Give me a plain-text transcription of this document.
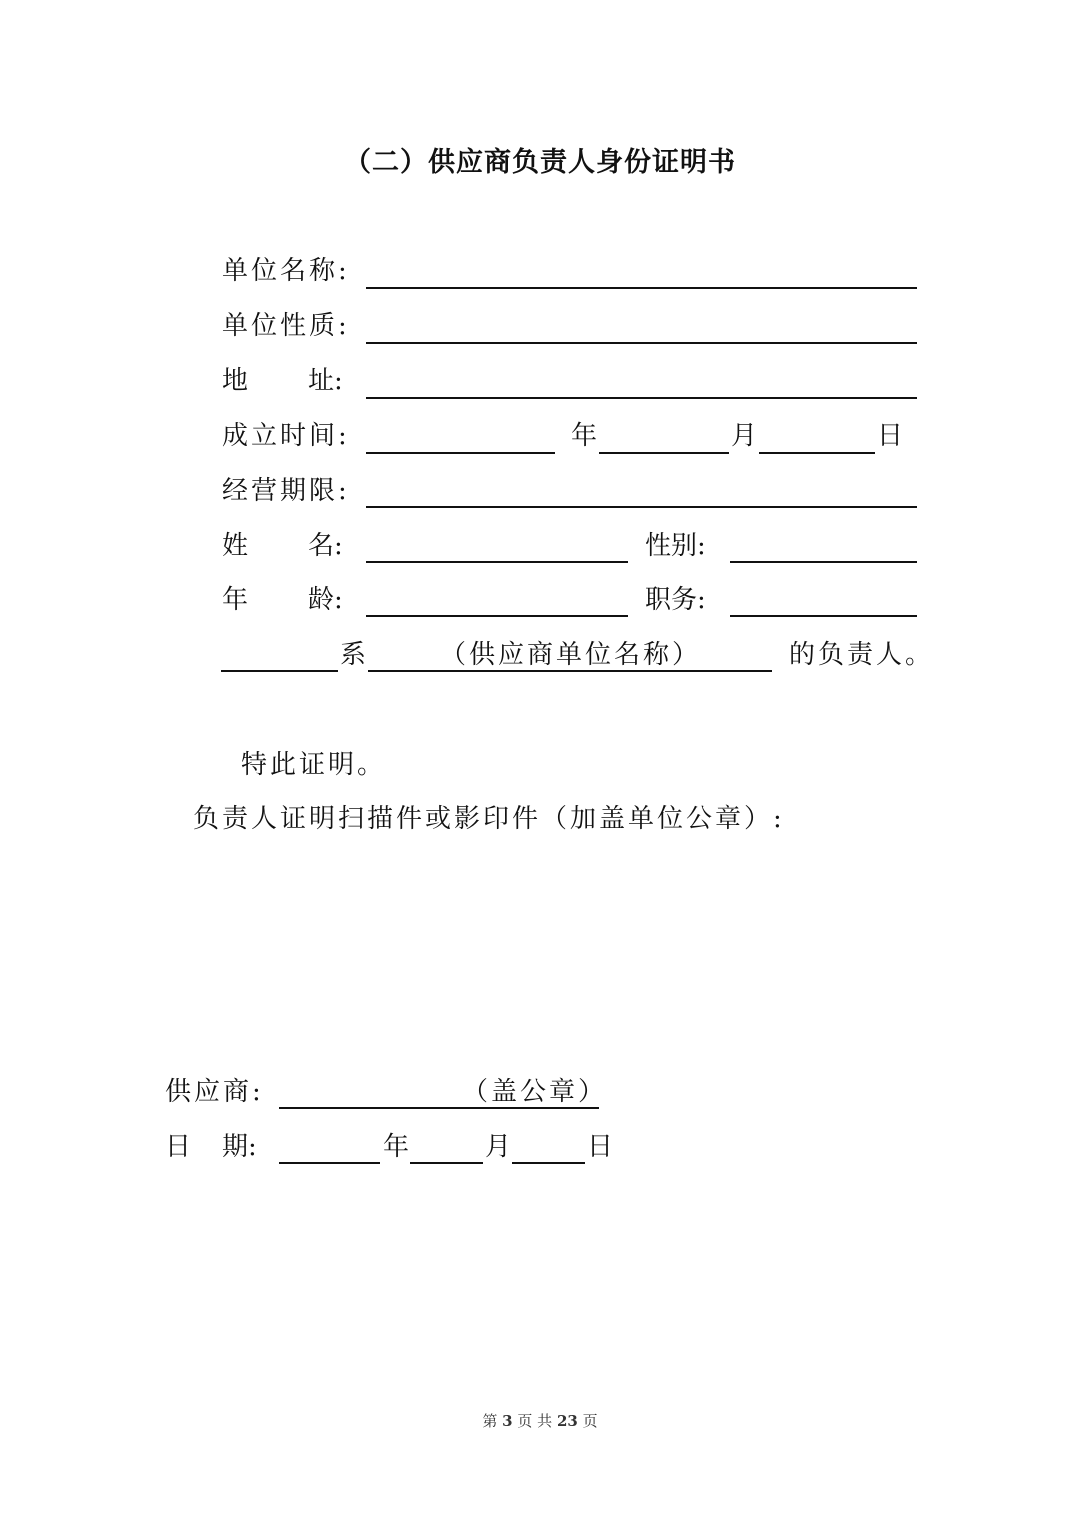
（二）供应商负责人身份证明书
单位名称:
单位性质:
地 址:
成立时间:	年	月	日
经营期限:
姓 名:	性别:
年 龄:	职务:
系	（供应商单位名称）	的负责人。
特此证明。
负责人证明扫描件或影印件（加盖单位公章）:
供应商:	（盖公章）
日 期:	年	月	日
第 3 页 共 23 页
